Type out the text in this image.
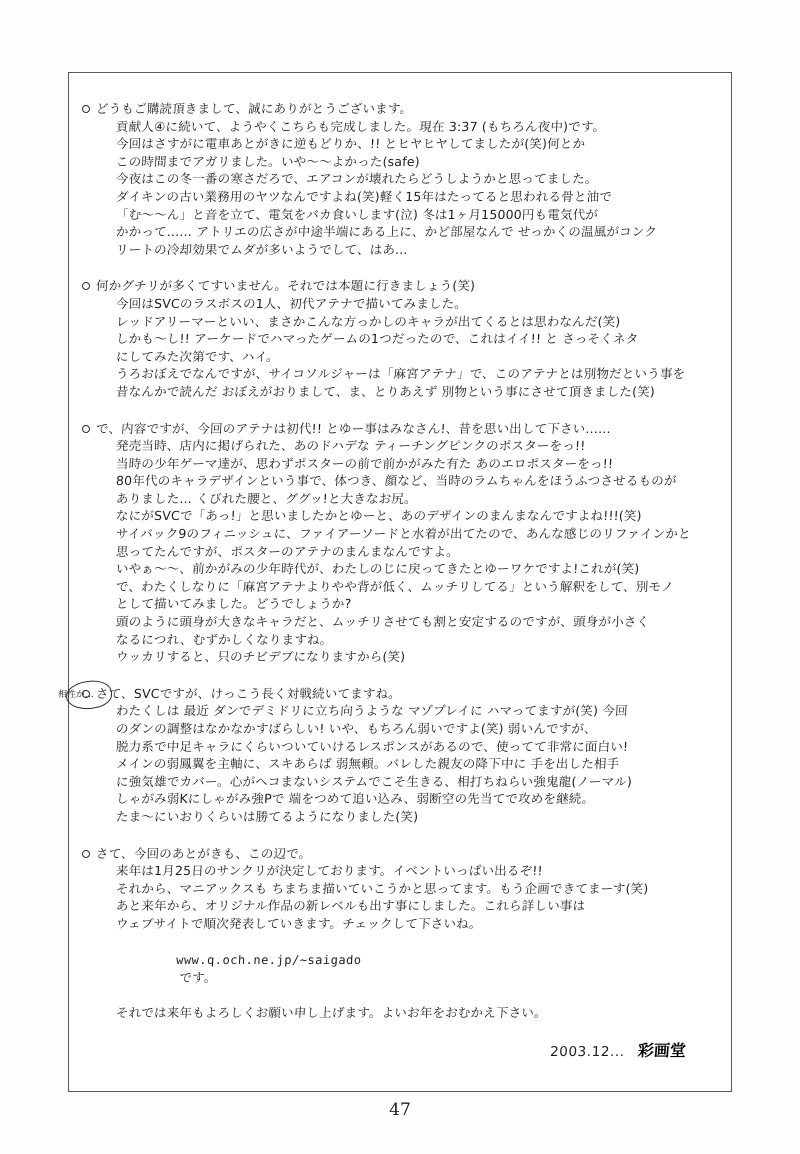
どうもご購読頂きまして、誠にありがとうございます。
貢献人④に続いて、ようやくこちらも完成しました。現在 3:37 (もちろん夜中)です。
今回はさすがに電車あとがきに逆もどりか、!! とヒヤヒヤしてましたが(笑)何とか
この時間までアガリました。いや～～よかった(safe)
今夜はこの冬一番の寒さだろで、エアコンが壊れたらどうしようかと思ってました。
ダイキンの古い業務用のヤツなんですよね(笑)軽く15年はたってると思われる骨と油で
「む～～ん」と音を立て、電気をバカ食いします(泣) 冬は1ヶ月15000円も電気代が
かかって…… アトリエの広さが中途半端にある上に、かど部屋なんで せっかくの温風がコンク
リートの冷却効果でムダが多いようでして、はあ…
何かグチリが多くてすいません。それでは本題に行きましょう(笑)
今回はSVCのラスボスの1人、初代アテナで描いてみました。
レッドアリーマーといい、まさかこんな方っかしのキャラが出てくるとは思わなんだ(笑)
しかも～し!! アーケードでハマったゲームの1つだったので、これはイイ!! と さっそくネタ
にしてみた次第です、ハイ。
うろおぼえでなんですが、サイコソルジャーは「麻宮アテナ」で、このアテナとは別物だという事を
昔なんかで読んだ おぼえがおりまして、ま、とりあえず 別物という事にさせて頂きました(笑)
で、内容ですが、今回のアテナは初代!! とゆー事はみなさん!、昔を思い出して下さい……
発売当時、店内に掲げられた、あのドハデな ティーチングピンクのポスターをっ!!
当時の少年ゲーマ達が、思わずポスターの前で前かがみた有た あのエロポスターをっ!!
80年代のキャラデザインという事で、体つき、顔など、当時のラムちゃんをほうふつさせるものが
ありました… くびれた腰と、ググッ!と大きなお尻。
なにがSVCで「あっ!」と思いましたかとゆーと、あのデザインのまんまなんですよね!!!(笑)
サイバック9のフィニッシュに、ファイアーソードと水着が出てたので、あんな感じのリファインかと
思ってたんですが、ポスターのアテナのまんまなんですよ。
いやぁ～～、前かがみの少年時代が、わたしのじに戻ってきたとゆーワケですよ!これが(笑)
で、わたくしなりに「麻宮アテナよりやや背が低く、ムッチリしてる」という解釈をして、別モノ
として描いてみました。どうでしょうか?
頭のように頭身が大きなキャラだと、ムッチリさせても割と安定するのですが、頭身が小さく
なるにつれ、むずかしくなりますね。
ウッカリすると、只のチビデブになりますから(笑)
さて、SVCですが、けっこう長く対戦続いてますね。
わたくしは 最近 ダンでデミドリに立ち向うような マゾプレイに ハマってますが(笑) 今回
のダンの調整はなかなかすばらしい! いや、もちろん弱いですよ(笑) 弱いんですが、
脱力系で中足キャラにくらいついていけるレスポンスがあるので、使ってて非常に面白い!
メインの弱鳳翼を主軸に、スキあらば 弱無頼。バレした親友の降下中に 手を出した相手
に強気雄でカバー。心がヘコまないシステムでこそ生きる、相打ちねらい強鬼龍(ノーマル)
しゃがみ弱Kにしゃがみ強Pで 端をつめて追い込み、弱断空の先当てで攻めを継続。
たま～にいおりくらいは勝てるようになりました(笑)
相性が…
さて、今回のあとがきも、この辺で。
来年は1月25日のサンクリが決定しております。イベントいっぱい出るぞ!!
それから、マニアックスも ちまちま描いていこうかと思ってます。もう企画できてまーす(笑)
あと来年から、オリジナル作品の新レベルも出す事にしました。これら詳しい事は
ウェブサイトで順次発表していきます。チェックして下さいね。

www.q.och.ne.jp/~saigado
です。

それでは来年もよろしくお願い申し上げます。よいお年をおむかえ下さい。
2003.12... 彩画堂
47
